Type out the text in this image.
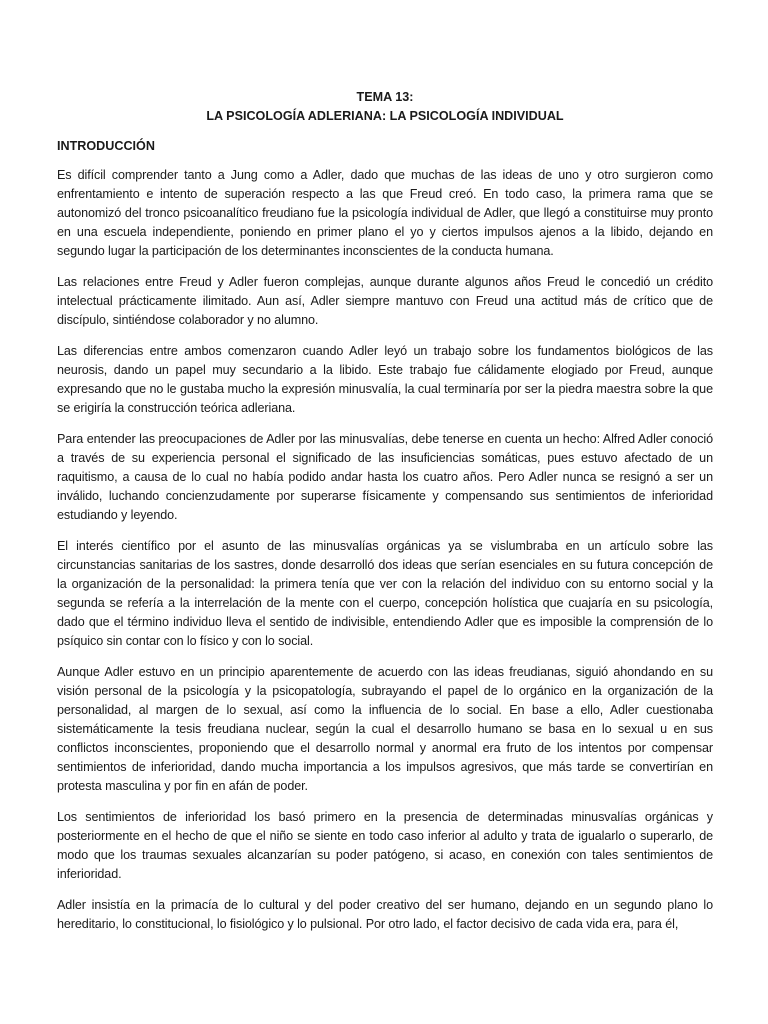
TEMA 13:
LA PSICOLOGÍA ADLERIANA: LA PSICOLOGÍA INDIVIDUAL
INTRODUCCIÓN

Es difícil comprender tanto a Jung como a Adler, dado que muchas de las ideas de uno y otro surgieron como enfrentamiento e intento de superación respecto a las que Freud creó. En todo caso, la primera rama que se autonomizó del tronco psicoanalítico freudiano fue la psicología individual de Adler, que llegó a constituirse muy pronto en una escuela independiente, poniendo en primer plano el yo y ciertos impulsos ajenos a la libido, dejando en segundo lugar la participación de los determinantes inconscientes de la conducta humana.

Las relaciones entre Freud y Adler fueron complejas, aunque durante algunos años Freud le concedió un crédito intelectual prácticamente ilimitado. Aun así, Adler siempre mantuvo con Freud una actitud más de crítico que de discípulo, sintiéndose colaborador y no alumno.

Las diferencias entre ambos comenzaron cuando Adler leyó un trabajo sobre los fundamentos biológicos de las neurosis, dando un papel muy secundario a la libido. Este trabajo fue cálidamente elogiado por Freud, aunque expresando que no le gustaba mucho la expresión minusvalía, la cual terminaría por ser la piedra maestra sobre la que se erigiría la construcción teórica adleriana.

Para entender las preocupaciones de Adler por las minusvalías, debe tenerse en cuenta un hecho: Alfred Adler conoció a través de su experiencia personal el significado de las insuficiencias somáticas, pues estuvo afectado de un raquitismo, a causa de lo cual no había podido andar hasta los cuatro años. Pero Adler nunca se resignó a ser un inválido, luchando concienzudamente por superarse físicamente y compensando sus sentimientos de inferioridad estudiando y leyendo.

El interés científico por el asunto de las minusvalías orgánicas ya se vislumbraba en un artículo sobre las circunstancias sanitarias de los sastres, donde desarrolló dos ideas que serían esenciales en su futura concepción de la organización de la personalidad: la primera tenía que ver con la relación del individuo con su entorno social y la segunda se refería a la interrelación de la mente con el cuerpo, concepción holística que cuajaría en su psicología, dado que el término individuo lleva el sentido de indivisible, entendiendo Adler que es imposible la comprensión de lo psíquico sin contar con lo físico y con lo social.

Aunque Adler estuvo en un principio aparentemente de acuerdo con las ideas freudianas, siguió ahondando en su visión personal de la psicología y la psicopatología, subrayando el papel de lo orgánico en la organización de la personalidad, al margen de lo sexual, así como la influencia de lo social. En base a ello, Adler cuestionaba sistemáticamente la tesis freudiana nuclear, según la cual el desarrollo humano se basa en lo sexual u en sus conflictos inconscientes, proponiendo que el desarrollo normal y anormal era fruto de los intentos por compensar sentimientos de inferioridad, dando mucha importancia a los impulsos agresivos, que más tarde se convertirían en protesta masculina y por fin en afán de poder.

Los sentimientos de inferioridad los basó primero en la presencia de determinadas minusvalías orgánicas y posteriormente en el hecho de que el niño se siente en todo caso inferior al adulto y trata de igualarlo o superarlo, de modo que los traumas sexuales alcanzarían su poder patógeno, si acaso, en conexión con tales sentimientos de inferioridad.

Adler insistía en la primacía de lo cultural y del poder creativo del ser humano, dejando en un segundo plano lo hereditario, lo constitucional, lo fisiológico y lo pulsional. Por otro lado, el factor decisivo de cada vida era, para él,
